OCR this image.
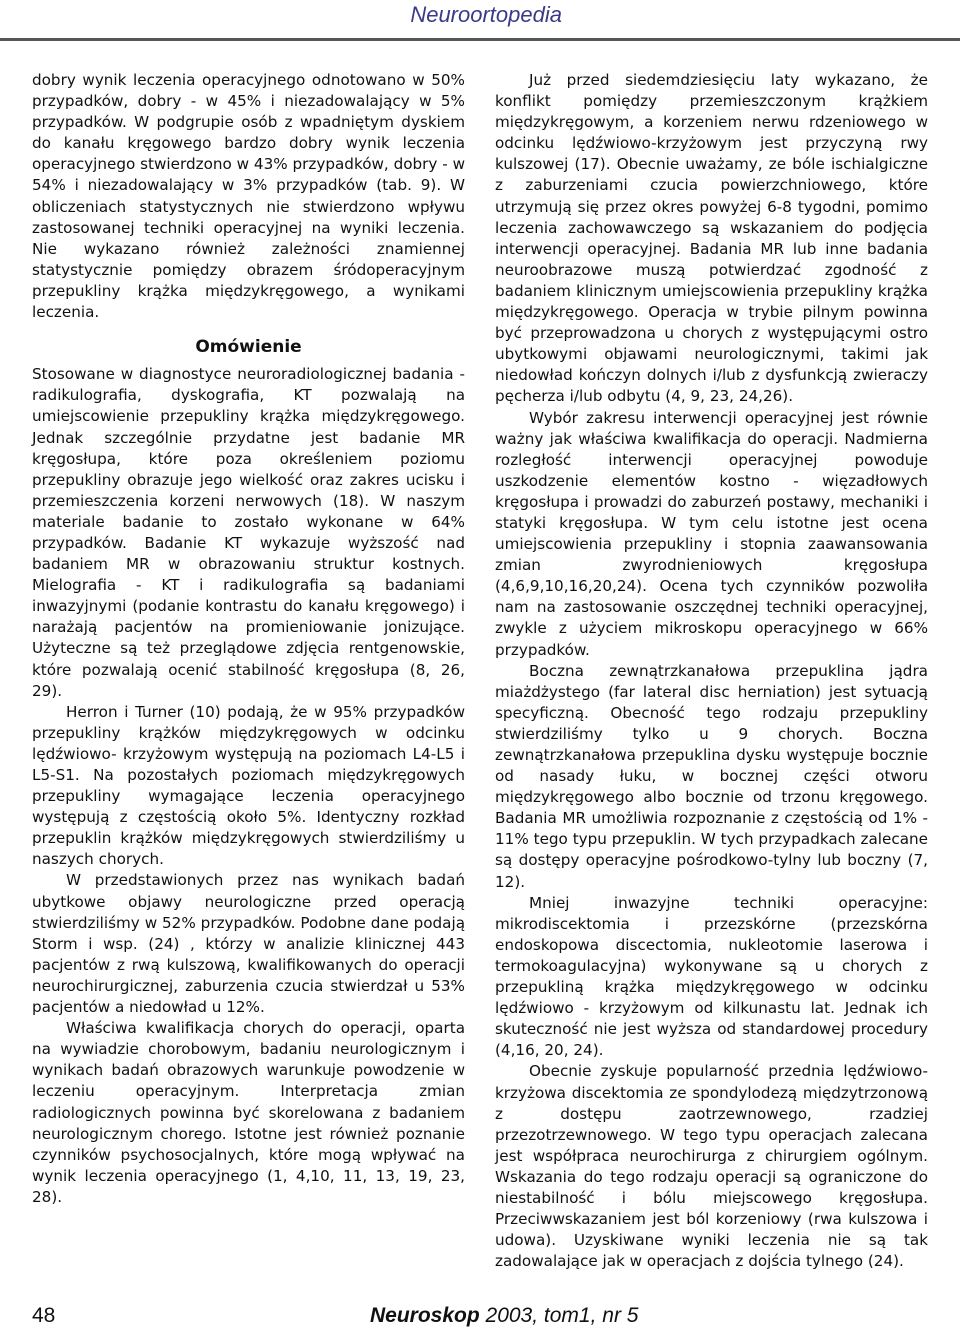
Neuroortopedia

dobry wynik leczenia operacyjnego odnotowano w 50% przypadków, dobry - w 45% i niezadowalający w 5% przypadków. W podgrupie osób z wpadniętym dyskiem do kanału kręgowego bardzo dobry wynik leczenia operacyjnego stwierdzono w 43% przypadków, dobry - w 54% i niezadowalający w 3% przypadków (tab. 9). W obliczeniach statystycznych nie stwierdzono wpływu zastosowanej techniki operacyjnej na wyniki leczenia. Nie wykazano również zależności znamiennej statystycznie pomiędzy obrazem śródoperacyjnym przepukliny krążka międzykręgowego, a wynikami leczenia.

Omówienie

Stosowane w diagnostyce neuroradiologicznej badania - radikulografia, dyskografia, KT pozwalają na umiejscowienie przepukliny krążka międzykręgowego. Jednak szczególnie przydatne jest badanie MR kręgosłupa, które poza określeniem poziomu przepukliny obrazuje jego wielkość oraz zakres ucisku i przemieszczenia korzeni nerwowych (18). W naszym materiale badanie to zostało wykonane w 64% przypadków. Badanie KT wykazuje wyższość nad badaniem MR w obrazowaniu struktur kostnych. Mielografia - KT i radikulografia są badaniami inwazyjnymi (podanie kontrastu do kanału kręgowego) i narażają pacjentów na promieniowanie jonizujące. Użyteczne są też przeglądowe zdjęcia rentgenowskie, które pozwalają ocenić stabilność kręgosłupa (8, 26, 29).

Herron i Turner (10) podają, że w 95% przypadków przepukliny krążków międzykręgowych w odcinku lędźwiowo- krzyżowym występują na poziomach L4-L5 i L5-S1. Na pozostałych poziomach międzykręgowych przepukliny wymagające leczenia operacyjnego występują z częstością około 5%. Identyczny rozkład przepuklin krążków międzykręgowych stwierdziliśmy u naszych chorych.

W przedstawionych przez nas wynikach badań ubytkowe objawy neurologiczne przed operacją stwierdziliśmy w 52% przypadków. Podobne dane podają Storm i wsp. (24) , którzy w analizie klinicznej 443 pacjentów z rwą kulszową, kwalifikowanych do operacji neurochirurgicznej, zaburzenia czucia stwierdzał u 53% pacjentów a niedowład u 12%.

Właściwa kwalifikacja chorych do operacji, oparta na wywiadzie chorobowym, badaniu neurologicznym i wynikach badań obrazowych warunkuje powodzenie w leczeniu operacyjnym. Interpretacja zmian radiologicznych powinna być skorelowana z badaniem neurologicznym chorego. Istotne jest również poznanie czynników psychosocjalnych, które mogą wpływać na wynik leczenia operacyjnego (1, 4,10, 11, 13, 19, 23, 28).

Już przed siedemdziesięciu laty wykazano, że konflikt pomiędzy przemieszczonym krążkiem międzykręgowym, a korzeniem nerwu rdzeniowego w odcinku lędźwiowo-krzyżowym jest przyczyną rwy kulszowej (17). Obecnie uważamy, ze bóle ischialgiczne z zaburzeniami czucia powierzchniowego, które utrzymują się przez okres powyżej 6-8 tygodni, pomimo leczenia zachowawczego są wskazaniem do podjęcia interwencji operacyjnej. Badania MR lub inne badania neuroobrazowe muszą potwierdzać zgodność z badaniem klinicznym umiejscowienia przepukliny krążka międzykręgowego. Operacja w trybie pilnym powinna być przeprowadzona u chorych z występującymi ostro ubytkowymi objawami neurologicznymi, takimi jak niedowład kończyn dolnych i/lub z dysfunkcją zwieraczy pęcherza i/lub odbytu (4, 9, 23, 24,26).

Wybór zakresu interwencji operacyjnej jest równie ważny jak właściwa kwalifikacja do operacji. Nadmierna rozległość interwencji operacyjnej powoduje uszkodzenie elementów kostno - więzadłowych kręgosłupa i prowadzi do zaburzeń postawy, mechaniki i statyki kręgosłupa. W tym celu istotne jest ocena umiejscowienia przepukliny i stopnia zaawansowania zmian zwyrodnieniowych kręgosłupa (4,6,9,10,16,20,24). Ocena tych czynników pozwoliła nam na zastosowanie oszczędnej techniki operacyjnej, zwykle z użyciem mikroskopu operacyjnego w 66% przypadków.

Boczna zewnątrzkanałowa przepuklina jądra miażdżystego (far lateral disc herniation) jest sytuacją specyficzną. Obecność tego rodzaju przepukliny stwierdziliśmy tylko u 9 chorych. Boczna zewnątrzkanałowa przepuklina dysku występuje bocznie od nasady łuku, w bocznej części otworu międzykręgowego albo bocznie od trzonu kręgowego. Badania MR umożliwia rozpoznanie z częstością od 1% - 11% tego typu przepuklin. W tych przypadkach zalecane są dostępy operacyjne pośrodkowo-tylny lub boczny (7, 12).

Mniej inwazyjne techniki operacyjne: mikrodiscektomia i przezskórne (przezskórna endoskopowa discectomia, nukleotomie laserowa i termokoagulacyjna) wykonywane są u chorych z przepukliną krążka międzykręgowego w odcinku lędźwiowo - krzyżowym od kilkunastu lat. Jednak ich skuteczność nie jest wyższa od standardowej procedury (4,16, 20, 24).

Obecnie zyskuje popularność przednia lędźwiowo-krzyżowa discektomia ze spondylodezą międzytrzonową z dostępu zaotrzewnowego, rzadziej przezotrzewnowego. W tego typu operacjach zalecana jest współpraca neurochirurga z chirurgiem ogólnym. Wskazania do tego rodzaju operacji są ograniczone do niestabilność i bólu miejscowego kręgosłupa. Przeciwwskazaniem jest ból korzeniowy (rwa kulszowa i udowa). Uzyskiwane wyniki leczenia nie są tak zadowalające jak w operacjach z dojścia tylnego (24).

48	Neuroskop 2003, tom1, nr 5
